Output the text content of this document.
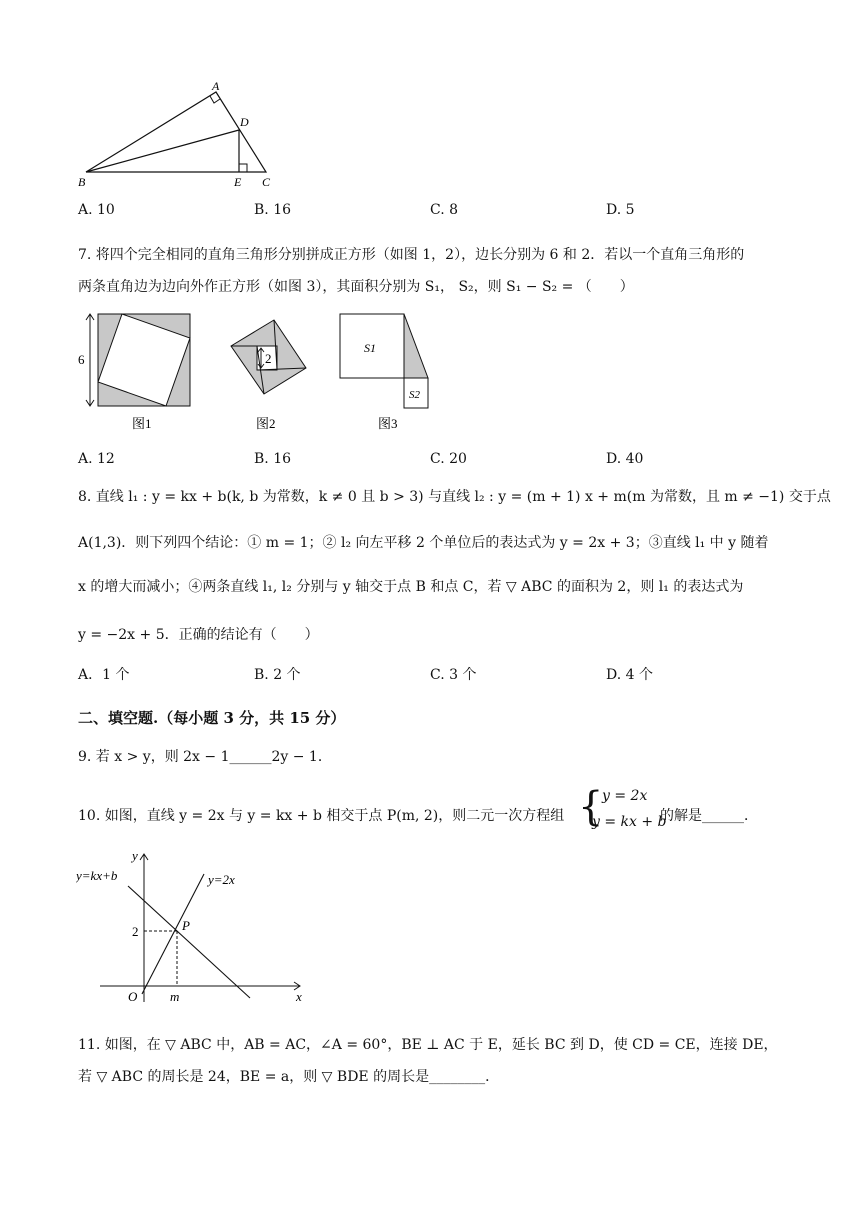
A
D
B	E C
A. 10	B. 16	C. 8	D. 5
7. 将四个完全相同的直角三角形分别拼成正方形（如图 1，2），边长分别为 6 和 2．若以一个直角三角形的
两条直角边为边向外作正方形（如图 3），其面积分别为 S₁， S₂，则 S₁ − S₂ = （　　）
6	2
S1
S2
图1	图2	图3
A. 12	B. 16	C. 20	D. 40
8. 直线 l₁ : y = kx + b(k, b 为常数，k ≠ 0 且 b > 3) 与直线 l₂ : y = (m + 1) x + m(m 为常数，且 m ≠ −1) 交于点
A(1,3)．则下列四个结论：① m = 1；② l₂ 向左平移 2 个单位后的表达式为 y = 2x + 3；③直线 l₁ 中 y 随着
x 的增大而减小；④两条直线 l₁, l₂ 分别与 y 轴交于点 B 和点 C，若 ▽ ABC 的面积为 2，则 l₁ 的表达式为
y = −2x + 5．正确的结论有（　　）
A．1 个	B. 2 个	C. 3 个	D. 4 个
二、填空题.（每小题 3 分，共 15 分）
9. 若 x > y，则 2x − 1______2y − 1．
10. 如图，直线 y = 2x 与 y = kx + b 相交于点 P(m, 2)，则二元一次方程组 {
y = 2x
y = kx + b
的解是______．
y
x
O
y=2x
y=kx+b
P
2
m
11. 如图，在 ▽ ABC 中，AB = AC，∠A = 60°，BE ⊥ AC 于 E，延长 BC 到 D，使 CD = CE，连接 DE，
若 ▽ ABC 的周长是 24，BE = a，则 ▽ BDE 的周长是________．
